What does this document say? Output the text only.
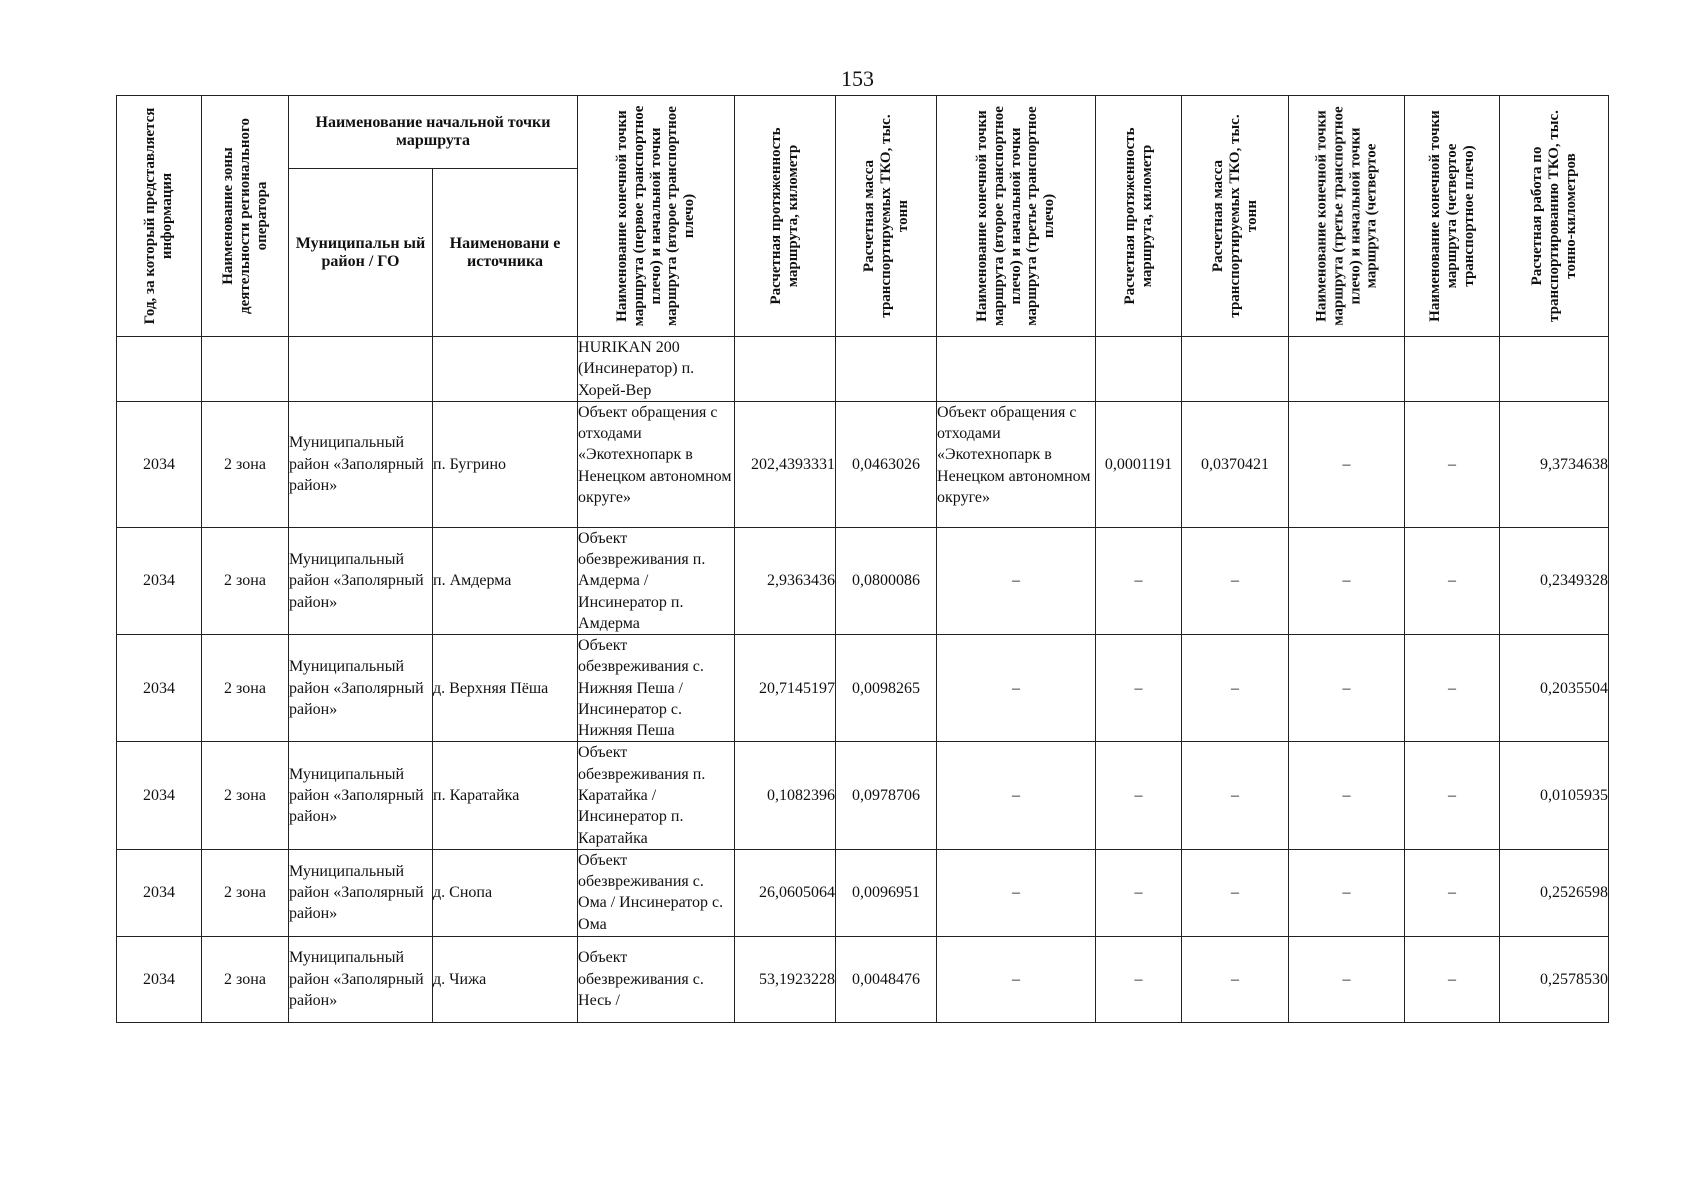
153
Год, за который представляется информация	Наименование зоны деятельности регионального оператора	Наименование начальной точки маршрута		Наименование конечной точки маршрута (первое транспортное плечо) и начальной точки маршрута (второе транспортное плечо)	Расчетная протяженность маршрута, километр	Расчетная масса транспортируемых ТКО, тыс. тонн	Наименование конечной точки маршрута (второе транспортное плечо) и начальной точки маршрута (третье транспортное плечо)	Расчетная протяженность маршрута, километр	Расчетная масса транспортируемых ТКО, тыс. тонн	Наименование конечной точки маршрута (третье транспортное плечо) и начальной точки маршрута (четвертое	Наименование конечной точки маршрута (четвертое транспортное плечо)	Расчетная работа по транспортированию ТКО, тыс. тонно-километров

		Муниципальн ый район / ГО	Наименовани е источника									
				HURIKAN 200 (Инсинератор) п. Хорей-Вер								
2034	2 зона	Муниципальный район «Заполярный район»	п. Бугрино	Объект обращения с отходами «Экотехнопарк в Ненецком автономном округе»	202,4393331	0,0463026	Объект обращения с отходами «Экотехнопарк в Ненецком автономном округе»	0,0001191	0,0370421	–	–	9,3734638
2034	2 зона	Муниципальный район «Заполярный район»	п. Амдерма	Объект обезвреживания п. Амдерма / Инсинератор п. Амдерма	2,9363436	0,0800086	–	–	–	–	–	0,2349328
2034	2 зона	Муниципальный район «Заполярный район»	д. Верхняя Пёша	Объект обезвреживания с. Нижняя Пеша / Инсинератор с. Нижняя Пеша	20,7145197	0,0098265	–	–	–	–	–	0,2035504
2034	2 зона	Муниципальный район «Заполярный район»	п. Каратайка	Объект обезвреживания п. Каратайка / Инсинератор п. Каратайка	0,1082396	0,0978706	–	–	–	–	–	0,0105935
2034	2 зона	Муниципальный район «Заполярный район»	д. Снопа	Объект обезвреживания с. Ома / Инсинератор с. Ома	26,0605064	0,0096951	–	–	–	–	–	0,2526598
2034	2 зона	Муниципальный район «Заполярный район»	д. Чижа	Объект обезвреживания с. Несь /	53,1923228	0,0048476	–	–	–	–	–	0,2578530
